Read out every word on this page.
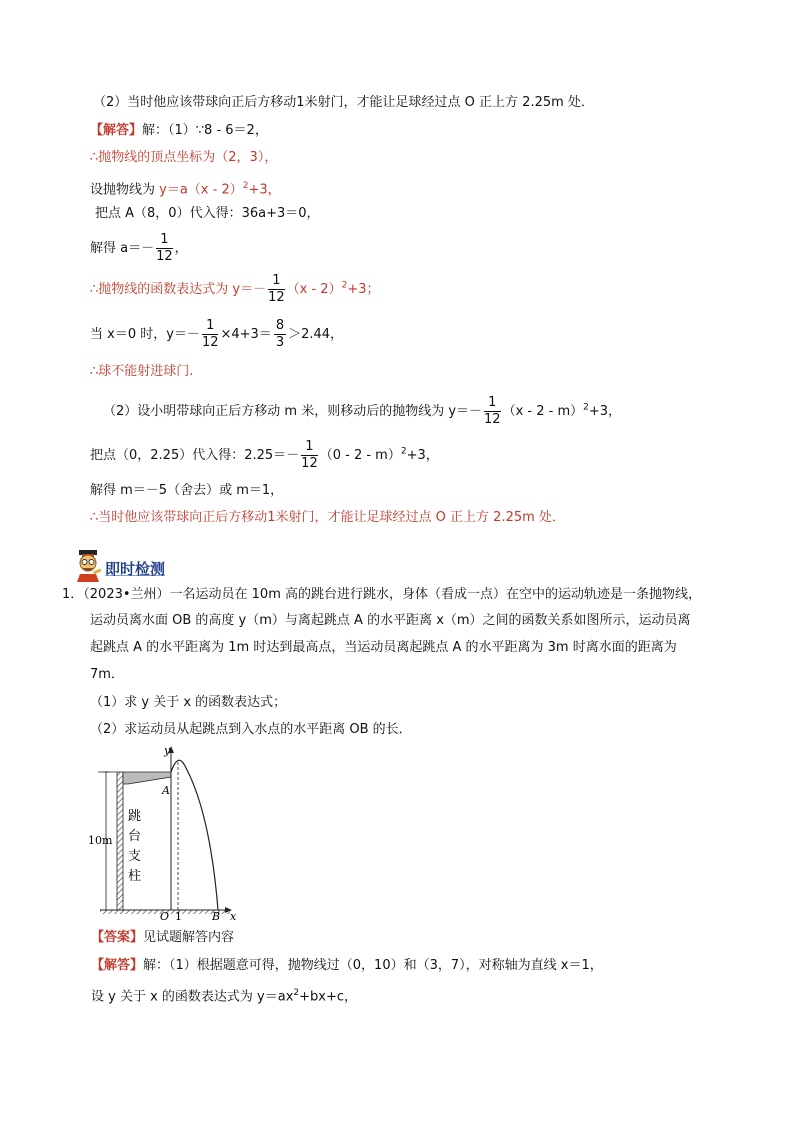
（2）当时他应该带球向正后方移动1米射门，才能让足球经过点 O 正上方 2.25m 处．
【解答】解：（1）∵8 - 6＝2，
∴抛物线的顶点坐标为（2，3），
设抛物线为 y＝a（x - 2）$^2$+3，
把点 A（8，0）代入得：36a+3＝0，
解得 $a=- \frac{1}{12}$ ，
∴抛物线的函数表达式为 $y=- \frac{1}{12} (x - 2)^2+3$；
当 x＝0 时，$y=- \frac{1}{12} \times 4+3= \frac{8}{3} >2.44$，
∴球不能射进球门.
（2）设小明带球向正后方移动 m 米，则移动后的抛物线为 $y=- \frac{1}{12} (x - 2 - m)^2+3$，
把点（0，2.25）代入得：$2.25=- \frac{1}{12} (0 - 2 - m)^2+3$，
解得 m＝－5（舍去）或 m＝1，
∴当时他应该带球向正后方移动1米射门，才能让足球经过点 O 正上方 2.25m 处．
即时检测
1．（2023•兰州）一名运动员在 10m 高的跳台进行跳水，身体（看成一点）在空中的运动轨迹是一条抛物线，
运动员离水面 OB 的高度 y（m）与离起跳点 A 的水平距离 x（m）之间的函数关系如图所示，运动员离
起跳点 A 的水平距离为 1m 时达到最高点，当运动员离起跳点 A 的水平距离为 3m 时离水面的距离为
7m．
（1）求 y 关于 x 的函数表达式；
（2）求运动员从起跳点到入水点的水平距离 OB 的长．
y
A
10m
跳
台
支
柱
O 1	B x
【答案】见试题解答内容
【解答】解：（1）根据题意可得，抛物线过（0，10）和（3，7），对称轴为直线 x＝1，
设 y 关于 x 的函数表达式为 $y=ax^2+bx+c$，
